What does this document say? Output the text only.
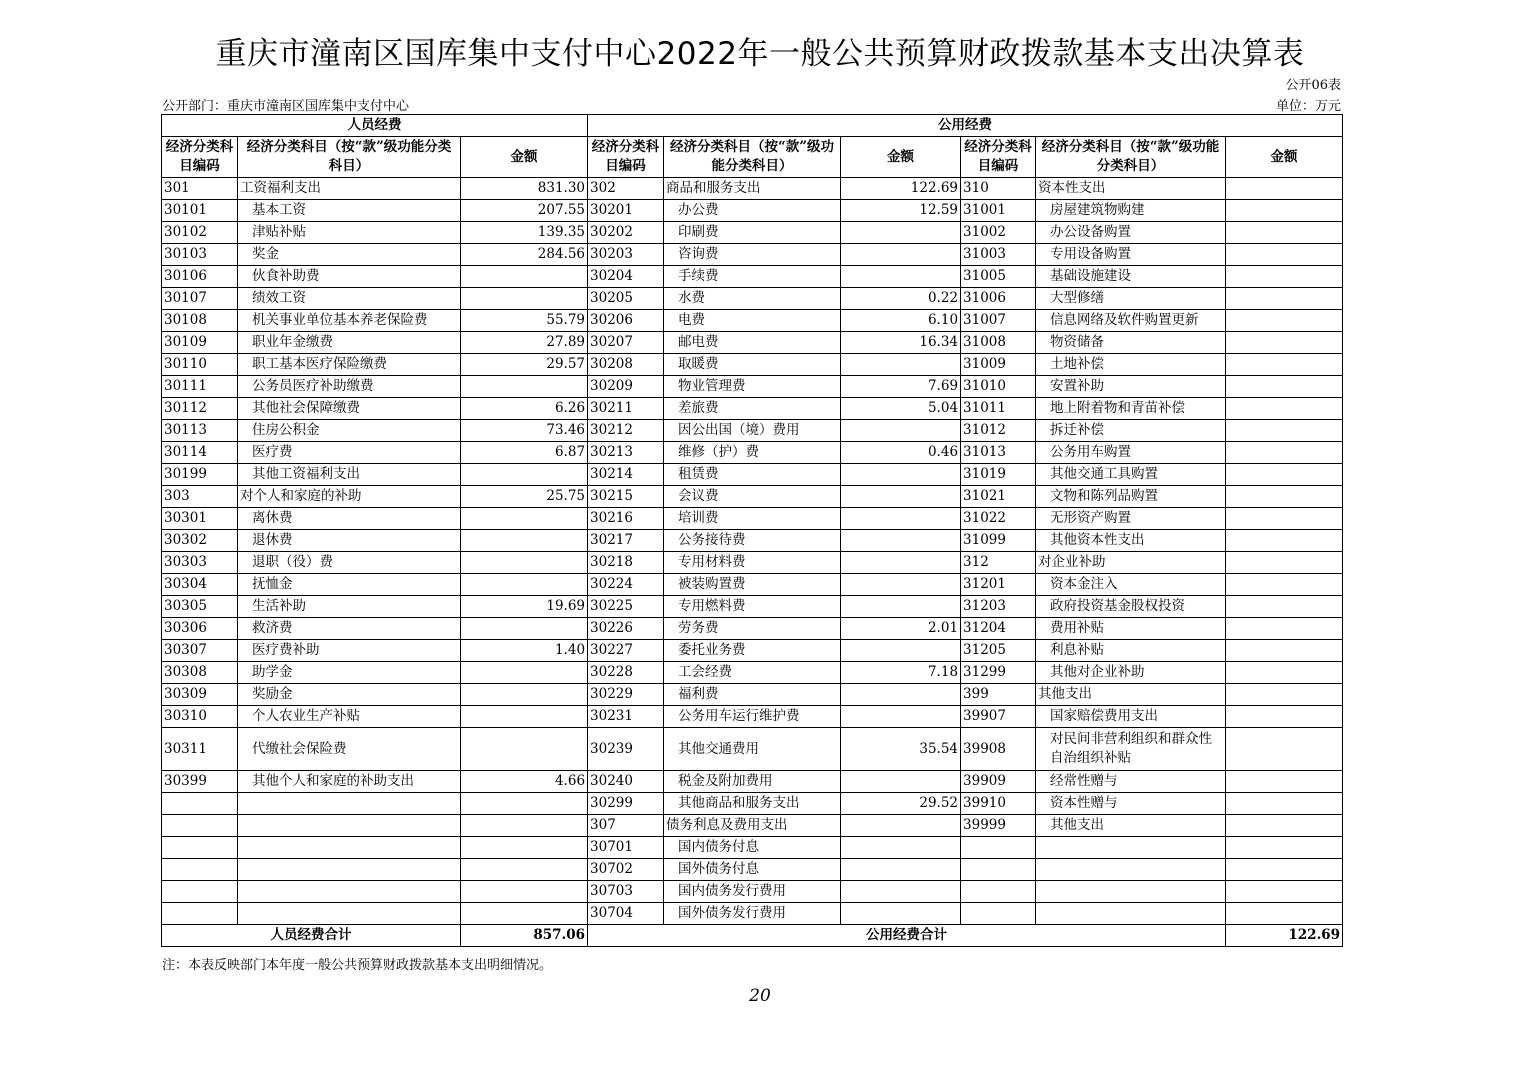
重庆市潼南区国库集中支付中心2022年一般公共预算财政拨款基本支出决算表
公开06表
公开部门：重庆市潼南区国库集中支付中心	单位：万元
人员经费			公用经费					
经济分类科目编码	经济分类科目（按“款”级功能分类科目）	金额	经济分类科目编码	经济分类科目（按“款”级功能分类科目）	金额	经济分类科目编码	经济分类科目（按“款”级功能分类科目）	金额
301	工资福利支出	831.30	302	商品和服务支出	122.69	310	资本性支出	
30101	基本工资	207.55	30201	办公费	12.59	31001	房屋建筑物购建	
30102	津贴补贴	139.35	30202	印刷费		31002	办公设备购置	
30103	奖金	284.56	30203	咨询费		31003	专用设备购置	
30106	伙食补助费		30204	手续费		31005	基础设施建设	
30107	绩效工资		30205	水费	0.22	31006	大型修缮	
30108	机关事业单位基本养老保险费	55.79	30206	电费	6.10	31007	信息网络及软件购置更新	
30109	职业年金缴费	27.89	30207	邮电费	16.34	31008	物资储备	
30110	职工基本医疗保险缴费	29.57	30208	取暖费		31009	土地补偿	
30111	公务员医疗补助缴费		30209	物业管理费	7.69	31010	安置补助	
30112	其他社会保障缴费	6.26	30211	差旅费	5.04	31011	地上附着物和青苗补偿	
30113	住房公积金	73.46	30212	因公出国（境）费用		31012	拆迁补偿	
30114	医疗费	6.87	30213	维修（护）费	0.46	31013	公务用车购置	
30199	其他工资福利支出		30214	租赁费		31019	其他交通工具购置	
303	对个人和家庭的补助	25.75	30215	会议费		31021	文物和陈列品购置	
30301	离休费		30216	培训费		31022	无形资产购置	
30302	退休费		30217	公务接待费		31099	其他资本性支出	
30303	退职（役）费		30218	专用材料费		312	对企业补助	
30304	抚恤金		30224	被装购置费		31201	资本金注入	
30305	生活补助	19.69	30225	专用燃料费		31203	政府投资基金股权投资	
30306	救济费		30226	劳务费	2.01	31204	费用补贴	
30307	医疗费补助	1.40	30227	委托业务费		31205	利息补贴	
30308	助学金		30228	工会经费	7.18	31299	其他对企业补助	
30309	奖励金		30229	福利费		399	其他支出	
30310	个人农业生产补贴		30231	公务用车运行维护费		39907	国家赔偿费用支出	
30311	代缴社会保险费		30239	其他交通费用	35.54	39908	对民间非营利组织和群众性自治组织补贴	
30399	其他个人和家庭的补助支出	4.66	30240	税金及附加费用		39909	经常性赠与	
			30299	其他商品和服务支出	29.52	39910	资本性赠与	
			307	债务利息及费用支出		39999	其他支出	
			30701	国内债务付息				
			30702	国外债务付息				
			30703	国内债务发行费用				
			30704	国外债务发行费用				
人员经费合计		857.06	公用经费合计					122.69
注：本表反映部门本年度一般公共预算财政拨款基本支出明细情况。
20
